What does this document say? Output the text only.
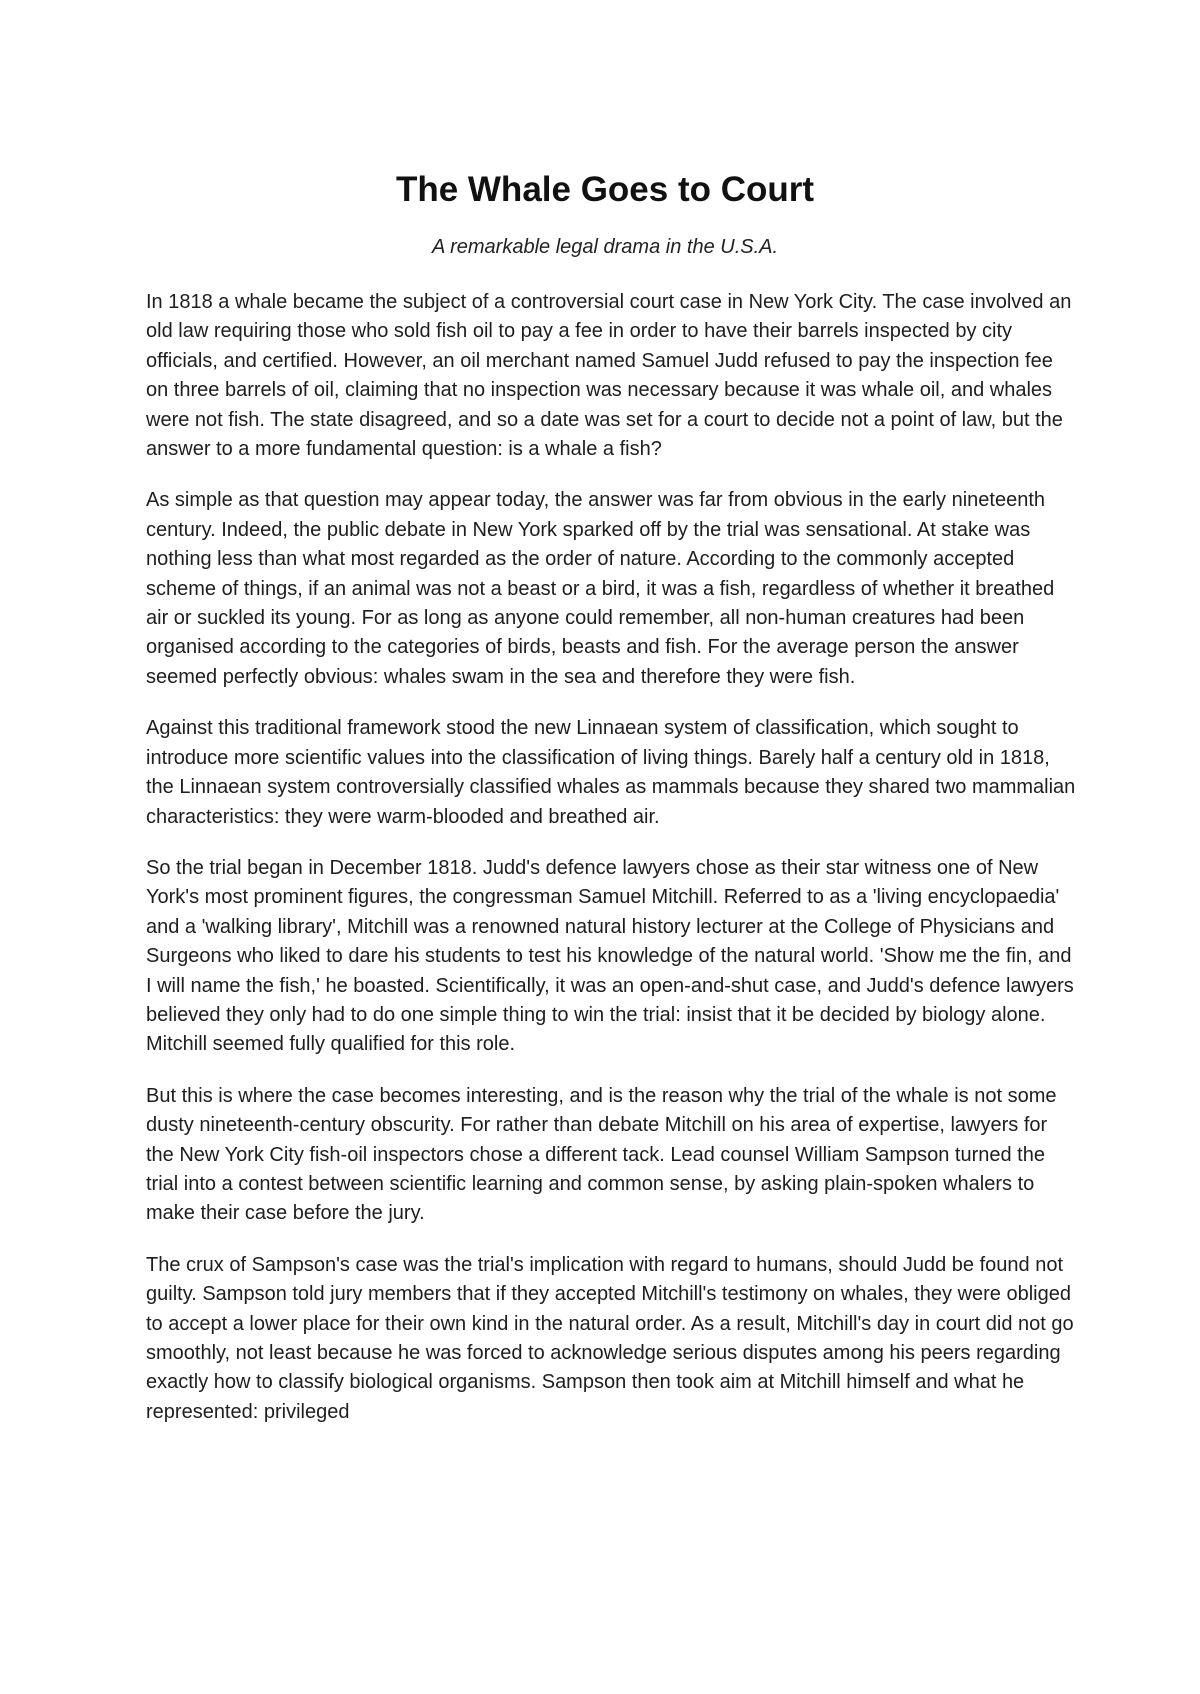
The Whale Goes to Court

A remarkable legal drama in the U.S.A.

In 1818 a whale became the subject of a controversial court case in New York City. The case involved an old law requiring those who sold fish oil to pay a fee in order to have their barrels inspected by city officials, and certified. However, an oil merchant named Samuel Judd refused to pay the inspection fee on three barrels of oil, claiming that no inspection was necessary because it was whale oil, and whales were not fish. The state disagreed, and so a date was set for a court to decide not a point of law, but the answer to a more fundamental question: is a whale a fish?

As simple as that question may appear today, the answer was far from obvious in the early nineteenth century. Indeed, the public debate in New York sparked off by the trial was sensational. At stake was nothing less than what most regarded as the order of nature. According to the commonly accepted scheme of things, if an animal was not a beast or a bird, it was a fish, regardless of whether it breathed air or suckled its young. For as long as anyone could remember, all non-human creatures had been organised according to the categories of birds, beasts and fish. For the average person the answer seemed perfectly obvious: whales swam in the sea and therefore they were fish.

Against this traditional framework stood the new Linnaean system of classification, which sought to introduce more scientific values into the classification of living things. Barely half a century old in 1818, the Linnaean system controversially classified whales as mammals because they shared two mammalian characteristics: they were warm-blooded and breathed air.

So the trial began in December 1818. Judd's defence lawyers chose as their star witness one of New York's most prominent figures, the congressman Samuel Mitchill. Referred to as a 'living encyclopaedia' and a 'walking library', Mitchill was a renowned natural history lecturer at the College of Physicians and Surgeons who liked to dare his students to test his knowledge of the natural world. 'Show me the fin, and I will name the fish,' he boasted. Scientifically, it was an open-and-shut case, and Judd's defence lawyers believed they only had to do one simple thing to win the trial: insist that it be decided by biology alone. Mitchill seemed fully qualified for this role.

But this is where the case becomes interesting, and is the reason why the trial of the whale is not some dusty nineteenth-century obscurity. For rather than debate Mitchill on his area of expertise, lawyers for the New York City fish-oil inspectors chose a different tack. Lead counsel William Sampson turned the trial into a contest between scientific learning and common sense, by asking plain-spoken whalers to make their case before the jury.

The crux of Sampson's case was the trial's implication with regard to humans, should Judd be found not guilty. Sampson told jury members that if they accepted Mitchill's testimony on whales, they were obliged to accept a lower place for their own kind in the natural order. As a result, Mitchill's day in court did not go smoothly, not least because he was forced to acknowledge serious disputes among his peers regarding exactly how to classify biological organisms. Sampson then took aim at Mitchill himself and what he represented: privileged
